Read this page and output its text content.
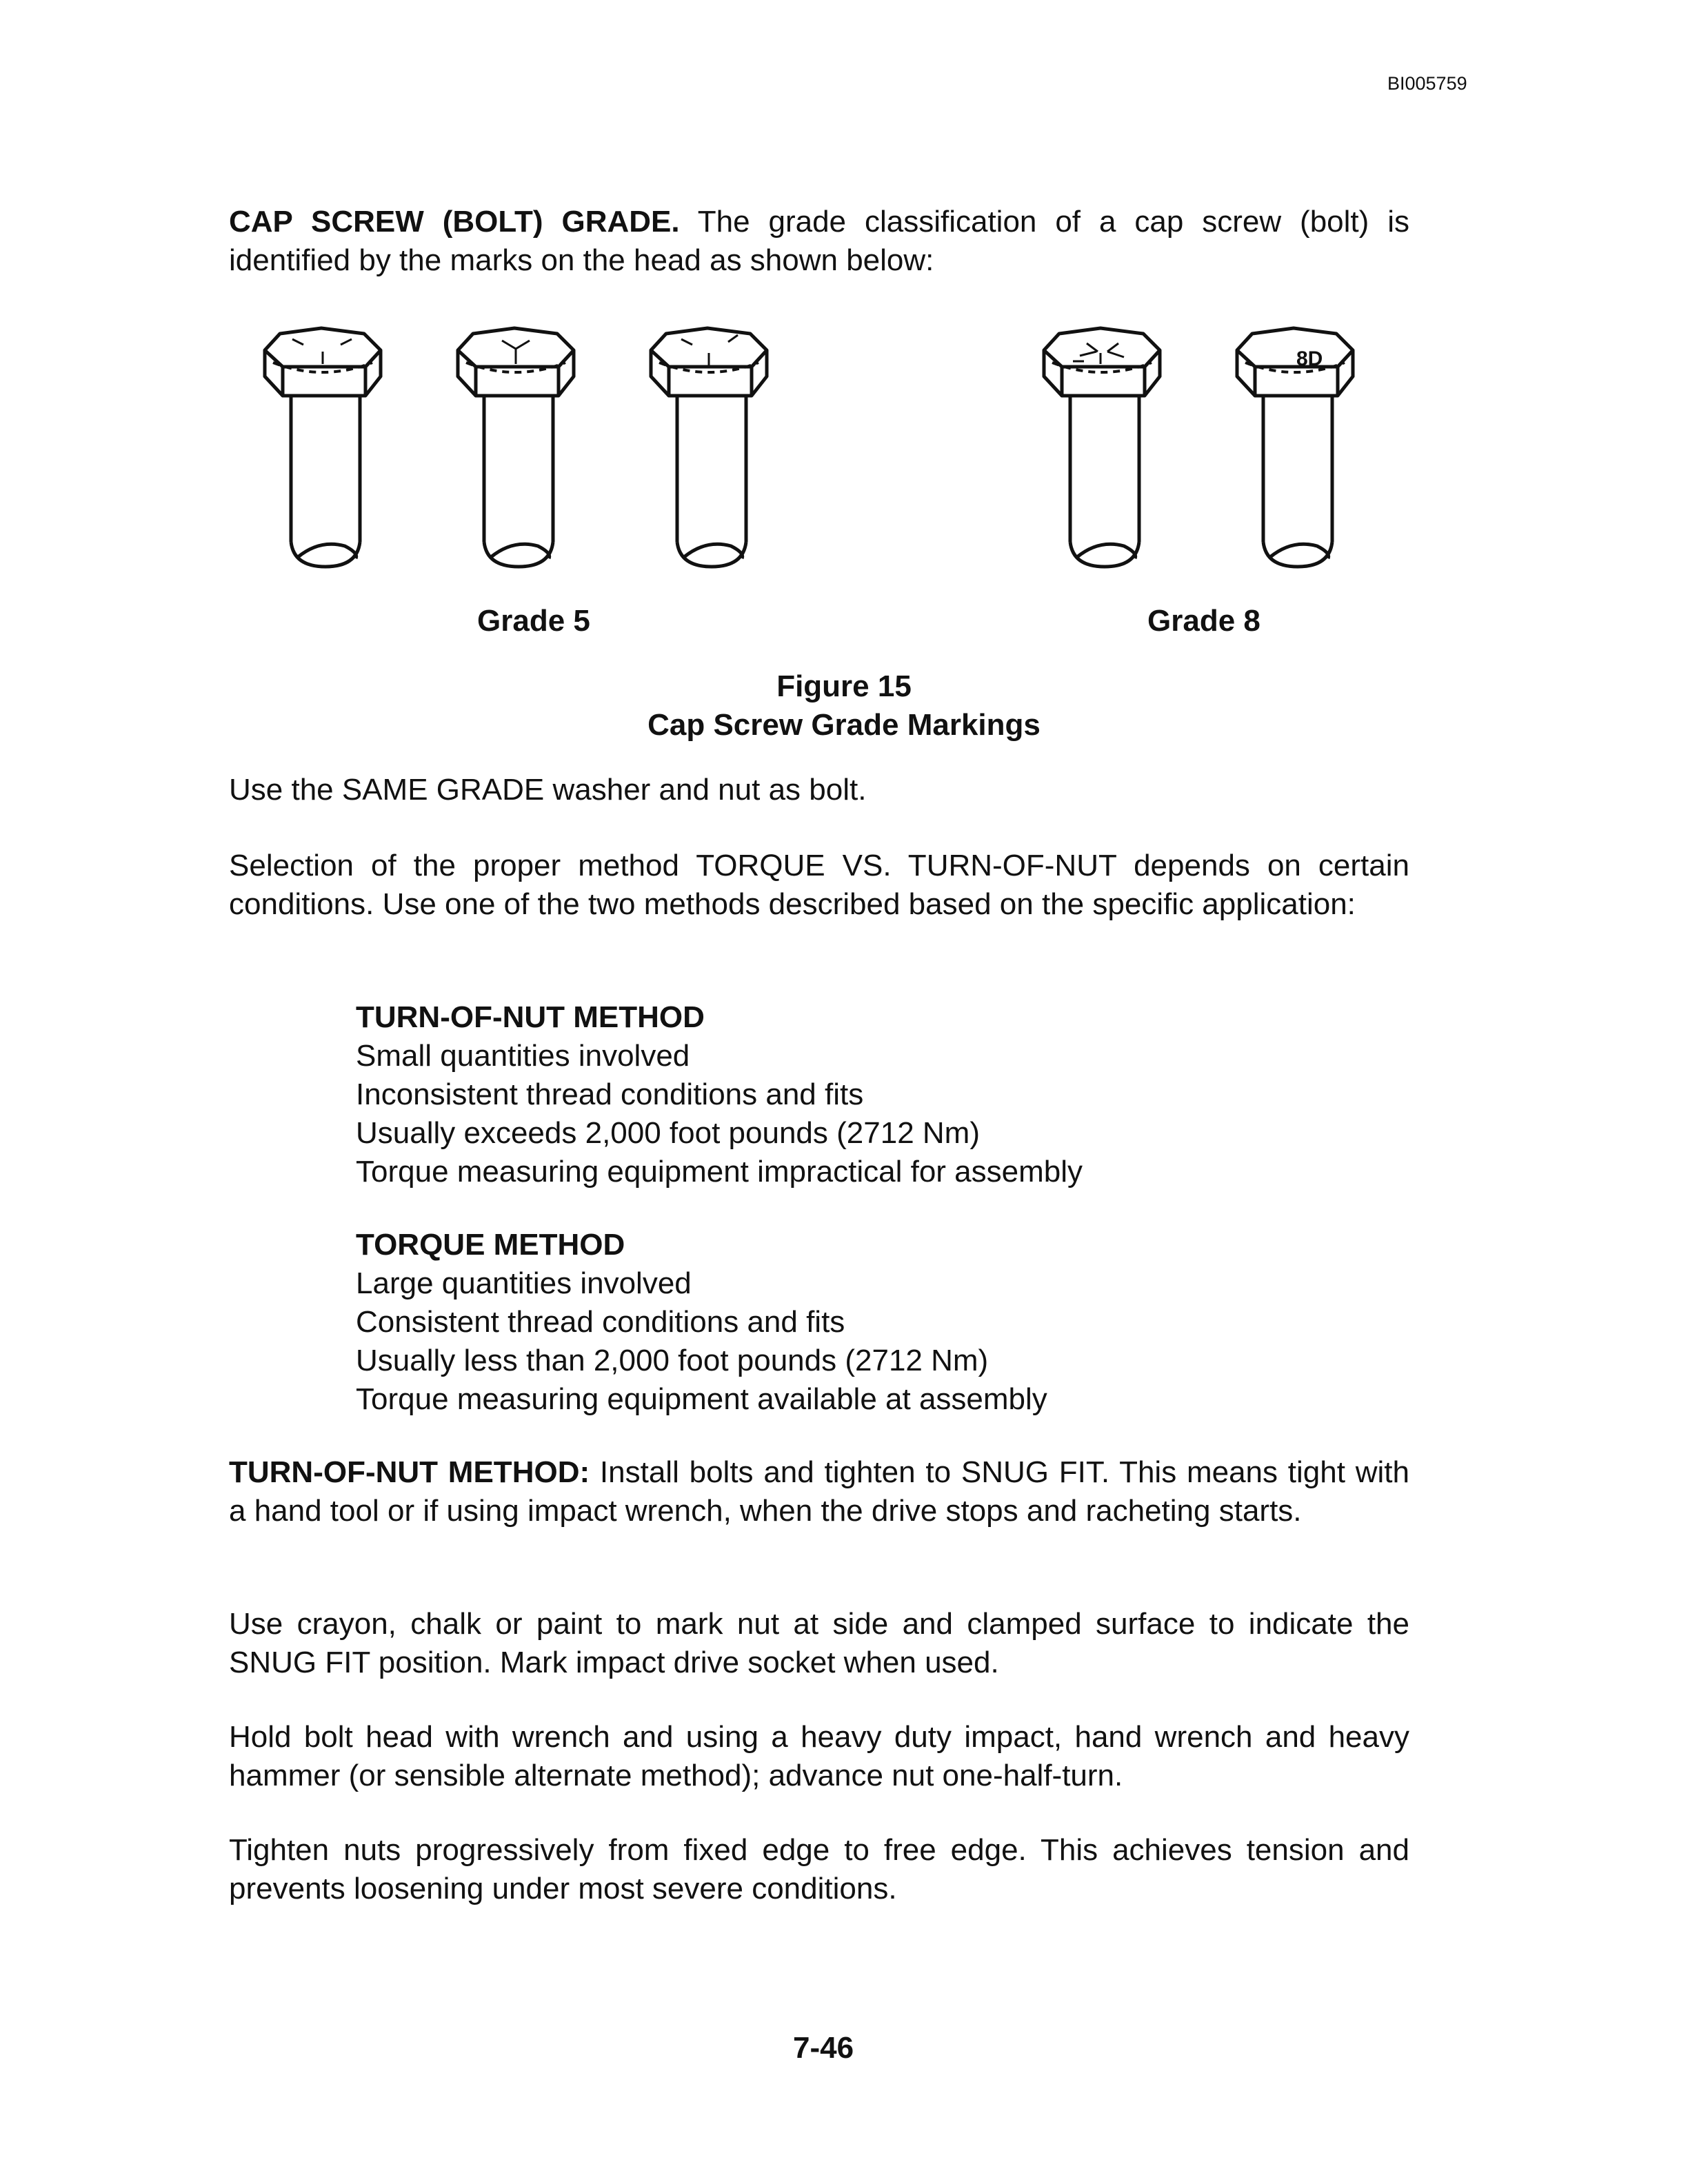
BI005759

CAP SCREW (BOLT) GRADE. The grade classification of a cap screw (bolt) is identified by the marks on the head as shown below:

8D
Grade 5	Grade 8
Figure 15
Cap Screw Grade Markings

Use the SAME GRADE washer and nut as bolt.

Selection of the proper method TORQUE VS. TURN-OF-NUT depends on certain conditions. Use one of the two methods described based on the specific application:

TURN-OF-NUT METHOD
Small quantities involved
Inconsistent thread conditions and fits
Usually exceeds 2,000 foot pounds (2712 Nm)
Torque measuring equipment impractical for assembly
TORQUE METHOD
Large quantities involved
Consistent thread conditions and fits
Usually less than 2,000 foot pounds (2712 Nm)
Torque measuring equipment available at assembly

TURN-OF-NUT METHOD: Install bolts and tighten to SNUG FIT. This means tight with a hand tool or if using impact wrench, when the drive stops and racheting starts.

Use crayon, chalk or paint to mark nut at side and clamped surface to indicate the SNUG FIT position. Mark impact drive socket when used.

Hold bolt head with wrench and using a heavy duty impact, hand wrench and heavy hammer (or sensible alternate method); advance nut one-half-turn.

Tighten nuts progressively from fixed edge to free edge. This achieves tension and prevents loosening under most severe conditions.

7-46
